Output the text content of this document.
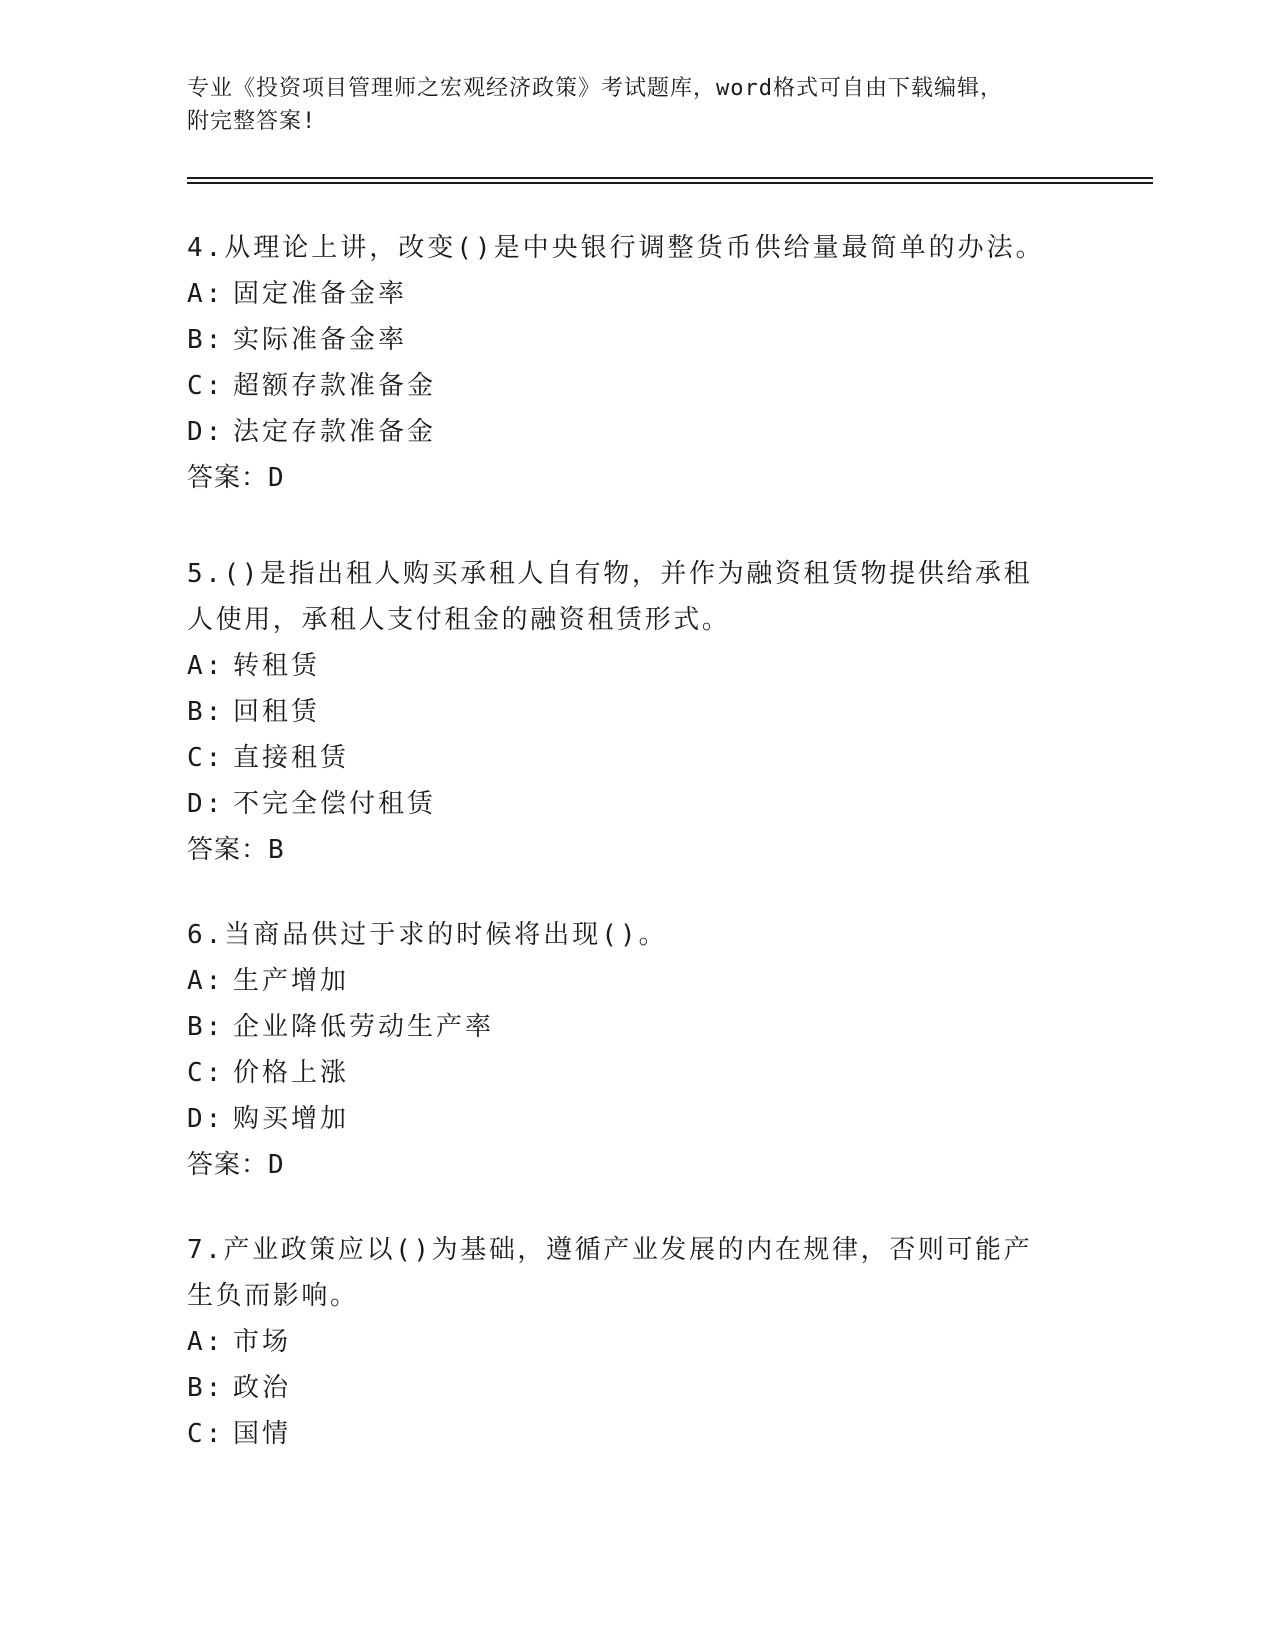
专业《投资项目管理师之宏观经济政策》考试题库，word格式可自由下载编辑，
附完整答案!
4.从理论上讲，改变()是中央银行调整货币供给量最简单的办法。
A: 固定准备金率
B: 实际准备金率
C: 超额存款准备金
D: 法定存款准备金
答案：D
5.()是指出租人购买承租人自有物，并作为融资租赁物提供给承租人使用，承租人支付租金的融资租赁形式。
A: 转租赁
B: 回租赁
C: 直接租赁
D: 不完全偿付租赁
答案：B
6.当商品供过于求的时候将出现()。
A: 生产增加
B: 企业降低劳动生产率
C: 价格上涨
D: 购买增加
答案：D
7.产业政策应以()为基础，遵循产业发展的内在规律，否则可能产生负而影响。
A: 市场
B: 政治
C: 国情
